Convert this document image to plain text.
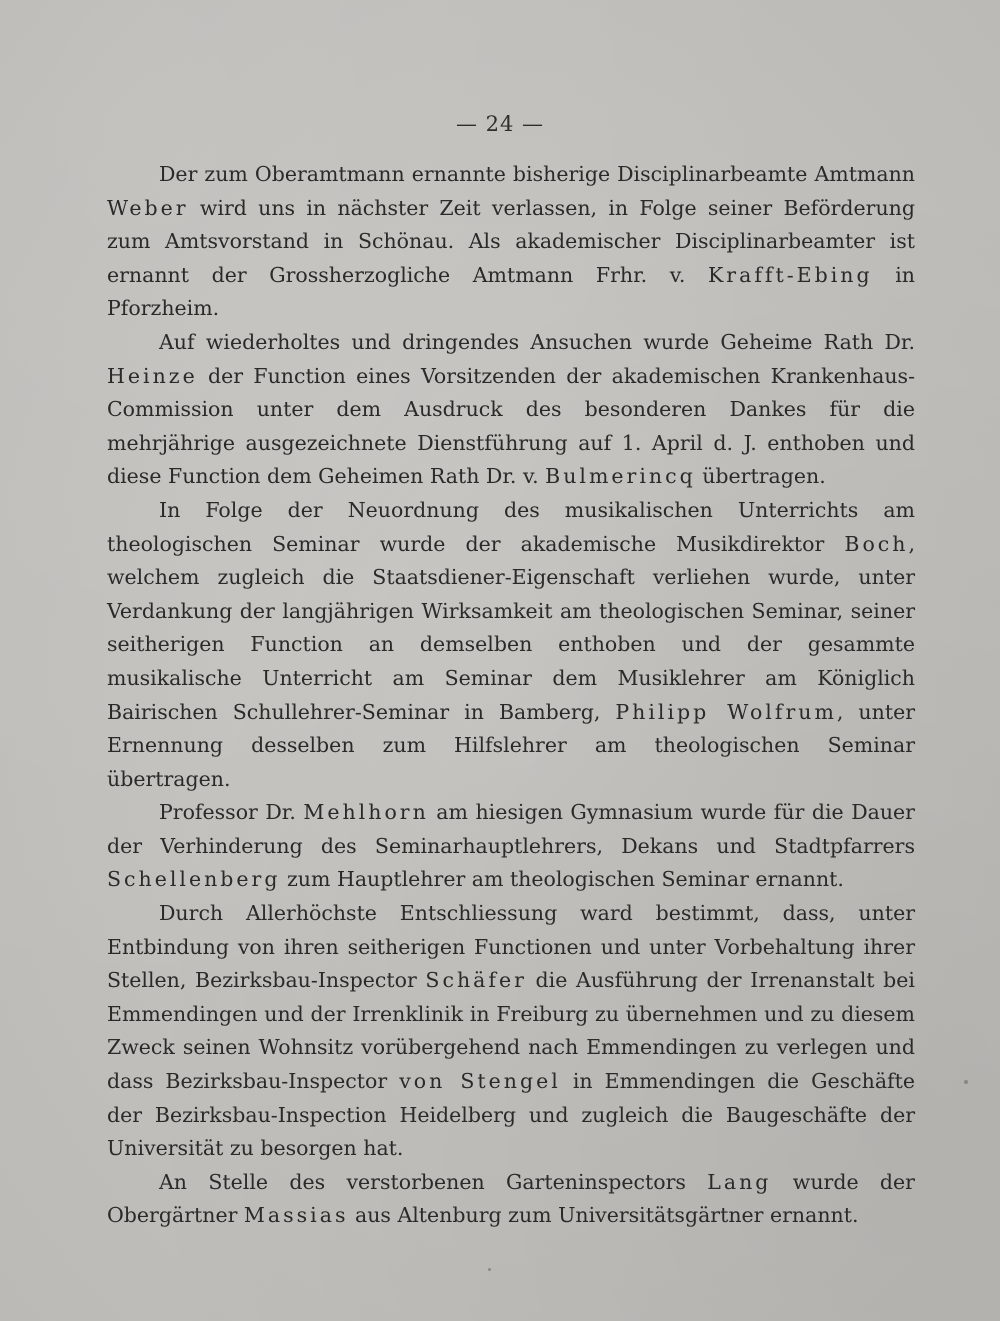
— 24 —

Der zum Oberamtmann ernannte bisherige Disciplinarbeamte Amtmann Weber wird uns in nächster Zeit verlassen, in Folge seiner Beförderung zum Amtsvorstand in Schönau. Als akademischer Disciplinarbeamter ist ernannt der Grossherzogliche Amtmann Frhr. v. Krafft-Ebing in Pforzheim.

Auf wiederholtes und dringendes Ansuchen wurde Geheime Rath Dr. Heinze der Function eines Vorsitzenden der akademischen Krankenhaus-Commission unter dem Ausdruck des besonderen Dankes für die mehrjährige ausgezeichnete Dienstführung auf 1. April d. J. enthoben und diese Function dem Geheimen Rath Dr. v. Bulmerincq übertragen.

In Folge der Neuordnung des musikalischen Unterrichts am theologischen Seminar wurde der akademische Musikdirektor Boch, welchem zugleich die Staatsdiener-Eigenschaft verliehen wurde, unter Verdankung der langjährigen Wirksamkeit am theologischen Seminar, seiner seitherigen Function an demselben enthoben und der gesammte musikalische Unterricht am Seminar dem Musiklehrer am Königlich Bairischen Schullehrer-Seminar in Bamberg, Philipp Wolfrum, unter Ernennung desselben zum Hilfslehrer am theologischen Seminar übertragen.

Professor Dr. Mehlhorn am hiesigen Gymnasium wurde für die Dauer der Verhinderung des Seminarhauptlehrers, Dekans und Stadtpfarrers Schellenberg zum Hauptlehrer am theologischen Seminar ernannt.

Durch Allerhöchste Entschliessung ward bestimmt, dass, unter Entbindung von ihren seitherigen Functionen und unter Vorbehaltung ihrer Stellen, Bezirksbau-Inspector Schäfer die Ausführung der Irrenanstalt bei Emmendingen und der Irrenklinik in Freiburg zu übernehmen und zu diesem Zweck seinen Wohnsitz vorübergehend nach Emmendingen zu verlegen und dass Bezirksbau-Inspector von Stengel in Emmendingen die Geschäfte der Bezirksbau-Inspection Heidelberg und zugleich die Baugeschäfte der Universität zu besorgen hat.

An Stelle des verstorbenen Garteninspectors Lang wurde der Obergärtner Massias aus Altenburg zum Universitätsgärtner ernannt.
